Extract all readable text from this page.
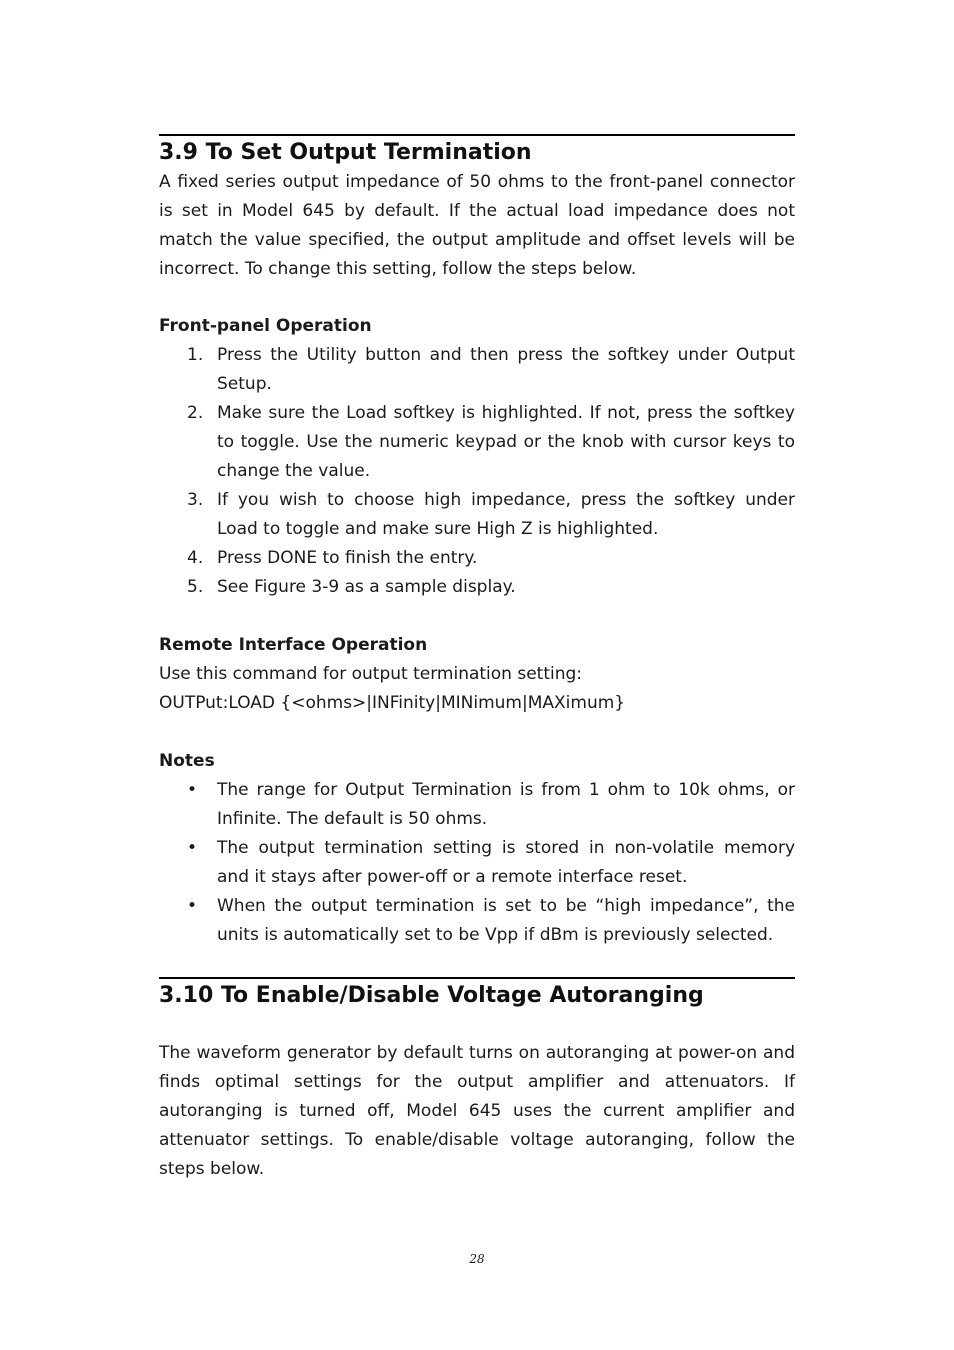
3.9 To Set Output Termination

A fixed series output impedance of 50 ohms to the front-panel connector is set in Model 645 by default. If the actual load impedance does not match the value specified, the output amplitude and offset levels will be incorrect. To change this setting, follow the steps below.

Front-panel Operation
1. Press the Utility button and then press the softkey under Output Setup.
2. Make sure the Load softkey is highlighted. If not, press the softkey to toggle. Use the numeric keypad or the knob with cursor keys to change the value.
3. If you wish to choose high impedance, press the softkey under Load to toggle and make sure High Z is highlighted.
4. Press DONE to finish the entry.
5. See Figure 3-9 as a sample display.
Remote Interface Operation

Use this command for output termination setting:

OUTPut:LOAD {<ohms>|INFinity|MINimum|MAXimum}

Notes
• The range for Output Termination is from 1 ohm to 10k ohms, or Infinite. The default is 50 ohms.
• The output termination setting is stored in non-volatile memory and it stays after power-off or a remote interface reset.
• When the output termination is set to be “high impedance”, the units is automatically set to be Vpp if dBm is previously selected.
3.10 To Enable/Disable Voltage Autoranging

The waveform generator by default turns on autoranging at power-on and finds optimal settings for the output amplifier and attenuators. If autoranging is turned off, Model 645 uses the current amplifier and attenuator settings. To enable/disable voltage autoranging, follow the steps below.

28
